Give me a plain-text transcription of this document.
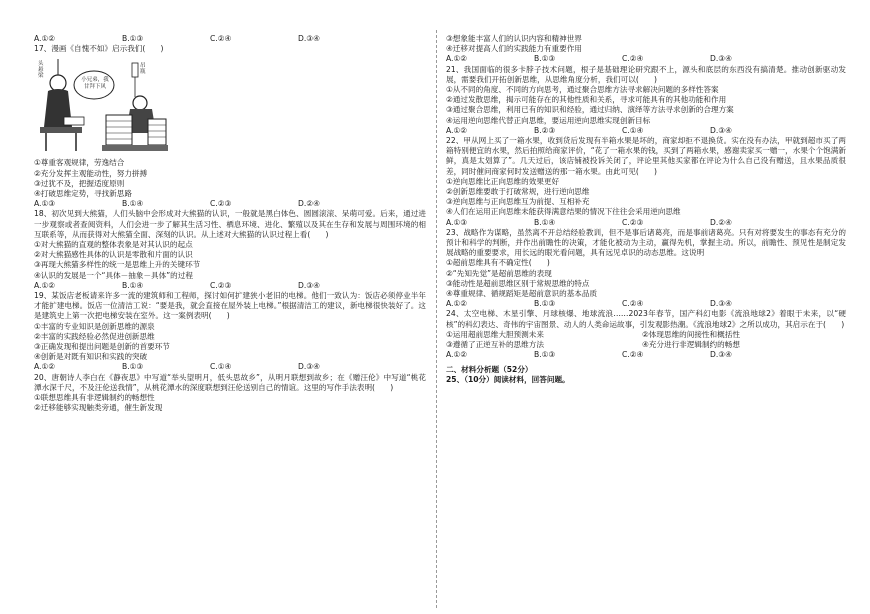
A.①②	B.①③	C.②④	D.③④
17、漫画《自愧不如》启示我们(　　)
头悬梁
小兄弟，我甘拜下风
吊瓶
①尊重客观规律，劳逸结合
②充分发挥主观能动性，努力拼搏
③过犹不及，把握适度原则
④打破思维定势，寻找新思路
A.①③	B.①④	C.②③	D.②④
18、初次见到大熊猫，人们头脑中会形成对大熊猫的认识，一般就是黑白体色、圆圆滚滚、呆萌可爱。后来，通过进一步观察或者查阅资料，人们会进一步了解其生活习性、栖息环境、进化、繁殖以及其在生存和发展与周围环境的相互联系等，从而获得对大熊猫全面、深刻的认识。从上述对大熊猫的认识过程上看(　　)
①对大熊猫的直观的整体表象是对其认识的起点
②对大熊猫感性具体的认识是零散和片面的认识
③再现大熊猫多样性的统一是思维上升的关键环节
④认识的发展是一个“具体－抽象－具体”的过程
A.①②	B.①④	C.②③	D.③④
19、某饭店老板请来许多一流的建筑师和工程师，探讨如何扩建狭小老旧的电梯。他们一致认为：饭店必须停业半年才能扩建电梯。饭店一位清洁工说：“要是我，就会直接在屋外装上电梯。”根据清洁工的建议，新电梯很快装好了。这是建筑史上第一次把电梯安装在室外。这一案例表明(　　)
①丰富的专业知识是创新思维的源泉
②丰富的实践经验必然促进创新思维
③正确发现和提出问题是创新的首要环节
④创新是对既有知识和实践的突破
A.①②	B.①③	C.①④	D.③④
20、唐朝诗人李白在《静夜思》中写道“举头望明月，低头思故乡”，从明月联想到故乡；在《赠汪伦》中写道“桃花潭水深千尺，不及汪伦送我情”，从桃花潭水的深度联想到汪伦送别自己的情谊。这里的写作手法表明(　　)
①联想思维具有非逻辑制约的畅想性
②迁移能够实现触类旁通，催生新发现
③想象能丰富人们的认识内容和精神世界
④迁移对提高人们的实践能力有重要作用
A.①②	B.①③	C.②④	D.③④
21、我国面临的很多卡脖子技术问题，根子是基础理论研究跟不上，源头和底层的东西没有搞清楚。推动创新驱动发展，需要我们开拓创新思维，从思维角度分析，我们可以(　　)
①从不同的角度、不同的方向思考，通过聚合思维方法寻求解决问题的多样性答案
②通过发散思维，揭示可能存在的其他性质和关系，寻求可能具有的其他功能和作用
③通过聚合思维，利用已有的知识和经验，通过归纳、演绎等方法寻求创新的合理方案
④运用逆向思维代替正向思维，要运用逆向思维实现创新目标
A.①②	B.②③	C.①④	D.③④
22、甲从网上买了一箱水果，收到货后发现有半箱水果是坏的，商家却拒不退换货。实在没有办法，甲就到超市买了两箱特别便宜的水果，然后拍照给商家评价，“花了一箱水果的钱，买到了两箱水果，感谢卖家买一赠一，水果个个饱满新鲜，真是太划算了”。几天过后，该店铺被投诉关闭了，评论里其他买家都在评论为什么自己没有赠送，且水果品质很差，同时催问商家何时发送赠送的那一箱水果。由此可见(　　)
①逆向思维比正向思维的效果更好
②创新思维要敢于打破常规，进行逆向思维
③逆向思维与正向思维互为前提、互相补充
④人们在运用正向思维未能获得满意结果的情况下往往会采用逆向思维
A.①③	B.①④	C.②③	D.②④
23、战略作为谋略，虽然离不开总结经验教训，但不是事后诸葛亮，而是事前诸葛亮。只有对将要发生的事态有充分的预计和科学的判断，并作出前瞻性的决策，才能化被动为主动，赢得先机，掌握主动。所以，前瞻性、预见性是制定发展战略的重要要求，用长远的眼光看问题，具有远见卓识的动态思维。这说明
①超前思维具有不确定性(　　)
②“先知先觉”是超前思维的表现
③能动性是超前思维区别于常规思维的特点
④尊重规律、循规蹈矩是超前意识的基本品质
A.①②	B.①③	C.②④	D.③④
24、太空电梯、木星引擎、月球核爆、地球流浪……2023年春节，国产科幻电影《流浪地球2》着眼于未来，以“硬核”的科幻表达、奇伟的宇宙图景、动人的人类命运故事，引发观影热潮。《流浪地球2》之所以成功，其启示在于(　　)
①运用超前思维大胆预测未来	②体现思维的间接性和概括性
③遵循了正逆互补的思维方法	④充分进行非逻辑制约的畅想
A.①②	B.①③	C.②④	D.③④
二、材料分析题（52分）
25、（10分）阅读材料，回答问题。
